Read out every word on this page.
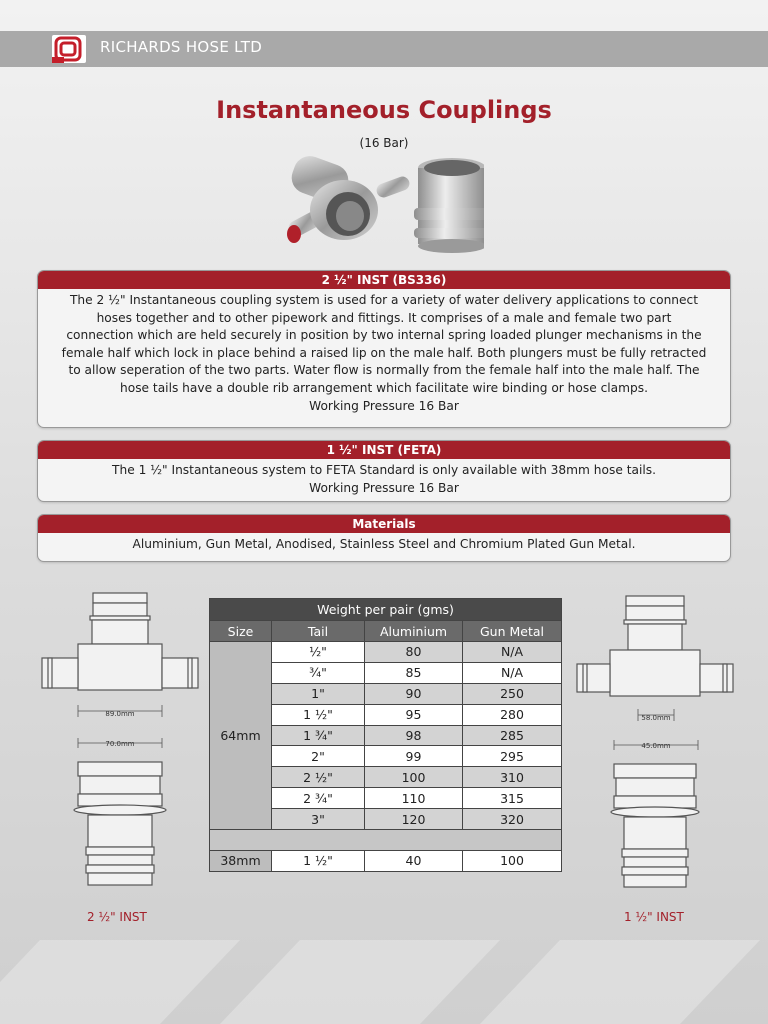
RICHARDS HOSE LTD
Instantaneous Couplings
(16 Bar)
2 ½" INST (BS336)
The 2 ½" Instantaneous coupling system is used for a variety of water delivery applications to connect
hoses together and to other pipework and fittings. It comprises of a male and female two part
connection which are held securely in position by two internal spring loaded plunger mechanisms in the
female half which lock in place behind a raised lip on the male half. Both plungers must be fully retracted
to allow seperation of the two parts. Water flow is normally from the female half into the male half. The
hose tails have a double rib arrangement which facilitate wire binding or hose clamps.
Working Pressure 16 Bar
1 ½" INST (FETA)
The 1 ½" Instantaneous system to FETA Standard is only available with 38mm hose tails.
Working Pressure 16 Bar
Materials
Aluminium, Gun Metal, Anodised, Stainless Steel and Chromium Plated Gun Metal.
Weight per pair (gms)			
Size	Tail	Aluminium	Gun Metal
64mm	½"	80	N/A
	¾"	85	N/A
	1"	90	250
	1 ½"	95	280
	1 ¾"	98	285
	2"	99	295
	2 ½"	100	310
	2 ¾"	110	315
	3"	120	320

38mm	1 ½"	40	100
89.0mm
70.0mm
2 ½" INST
58.0mm
45.0mm
1 ½" INST
